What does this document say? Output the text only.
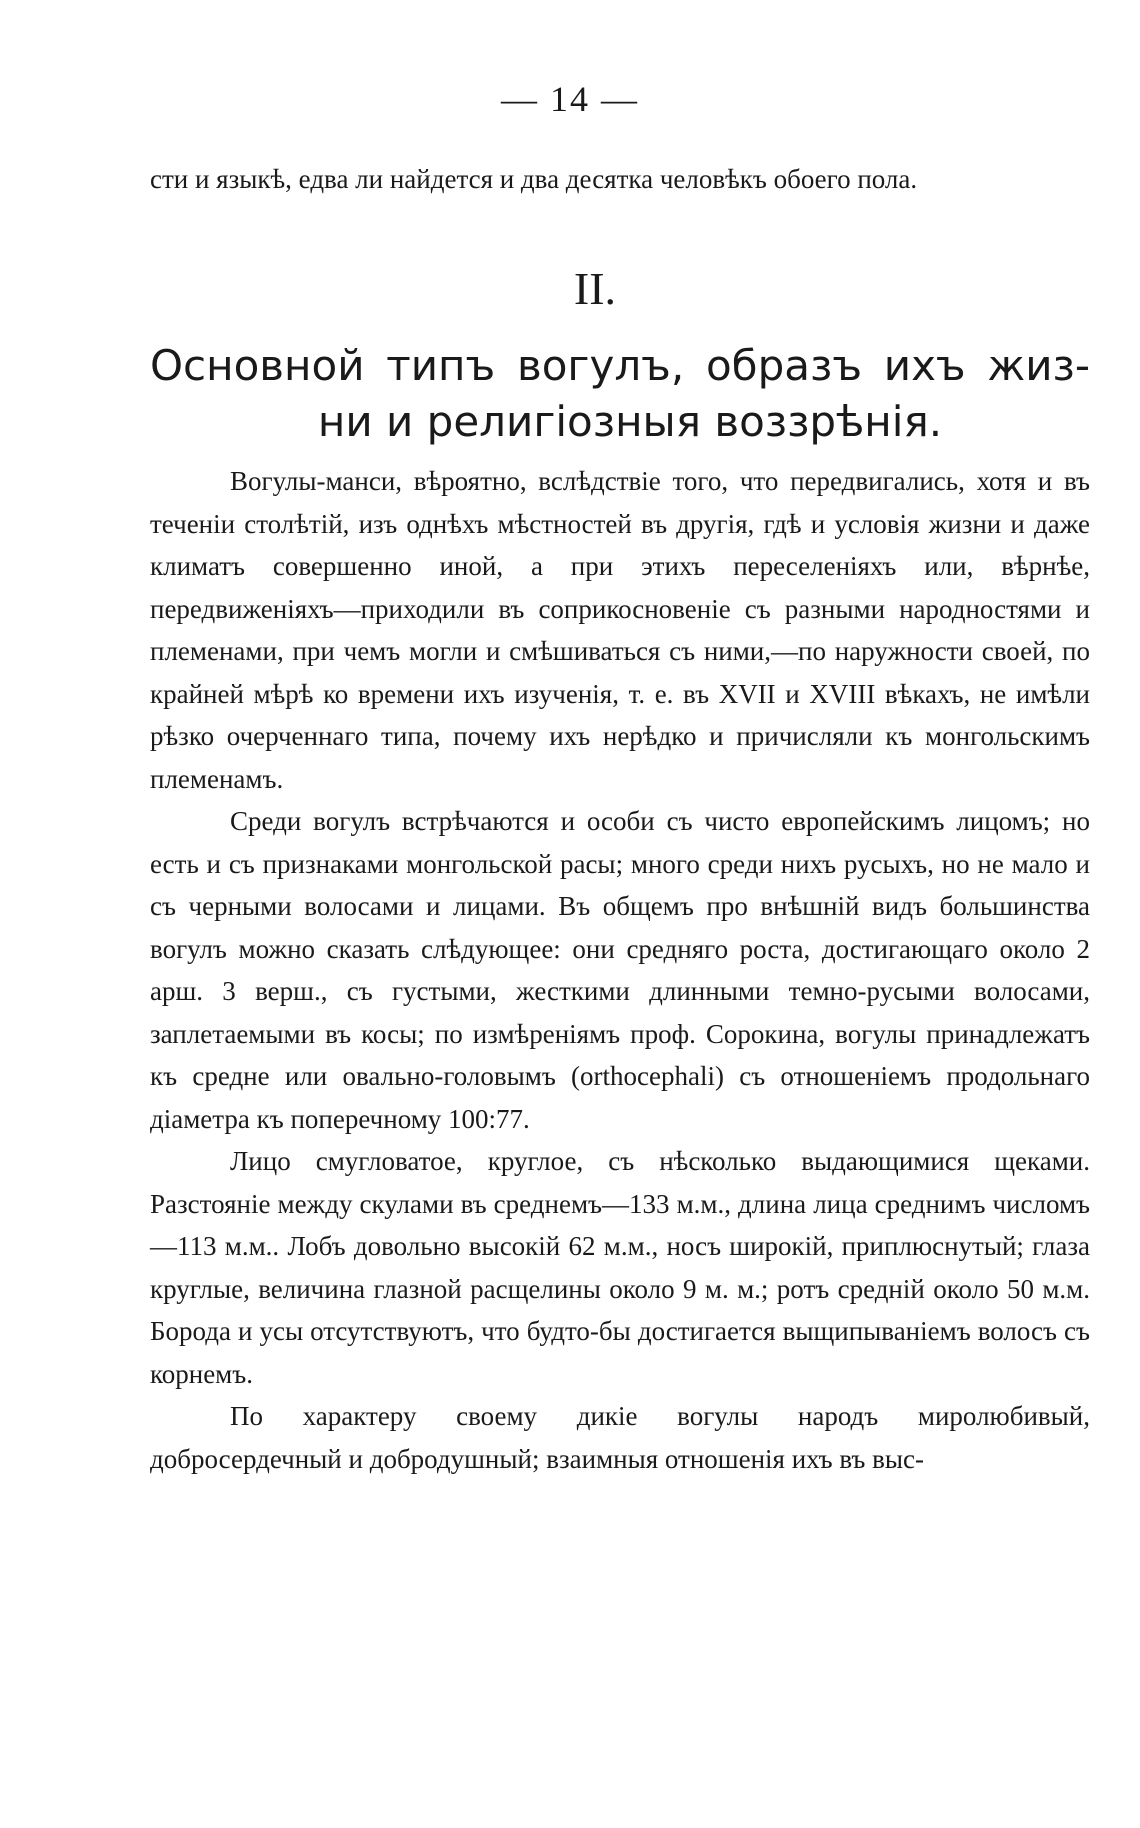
— 14 —

сти и языкѣ, едва ли найдется и два десятка человѣкъ обоего пола.

II.
Основной типъ вогулъ, образъ ихъ жиз-
ни и религіозныя воззрѣнія.

Вогулы-манси, вѣроятно, вслѣдствіе того, что передвигались, хотя и въ теченіи столѣтій, изъ однѣхъ мѣстностей въ другія, гдѣ и условія жизни и даже климатъ совершенно иной, а при этихъ переселеніяхъ или, вѣрнѣе, передвиженіяхъ—приходили въ соприкосновеніе съ разными народностями и племенами, при чемъ могли и смѣшиваться съ ними,—по наружности своей, по крайней мѣрѣ ко времени ихъ изученія, т. е. въ XVII и XVIII вѣкахъ, не имѣли рѣзко очерченнаго типа, почему ихъ нерѣдко и причисляли къ монгольскимъ племенамъ.

Среди вогулъ встрѣчаются и особи съ чисто европейскимъ лицомъ; но есть и съ признаками монгольской расы; много среди нихъ русыхъ, но не мало и съ черными волосами и лицами. Въ общемъ про внѣшній видъ большинства вогулъ можно сказать слѣдующее: они средняго роста, достигающаго около 2 арш. 3 верш., съ густыми, жесткими длинными темно-русыми волосами, заплетаемыми въ косы; по измѣреніямъ проф. Сорокина, вогулы принадлежатъ къ средне или овально-головымъ (orthocephali) съ отношеніемъ продольнаго діаметра къ поперечному 100:77.

Лицо смугловатое, круглое, съ нѣсколько выдающимися щеками. Разстояніе между скулами въ среднемъ—133 м.м., длина лица среднимъ числомъ—113 м.м.. Лобъ довольно высокій 62 м.м., носъ широкій, приплюснутый; глаза круглые, величина глазной расщелины около 9 м. м.; ротъ средній около 50 м.м. Борода и усы отсутствуютъ, что будто-бы достигается выщипываніемъ волосъ съ корнемъ.

По характеру своему дикіе вогулы народъ миролюбивый, добросердечный и добродушный; взаимныя отношенія ихъ въ выс-
